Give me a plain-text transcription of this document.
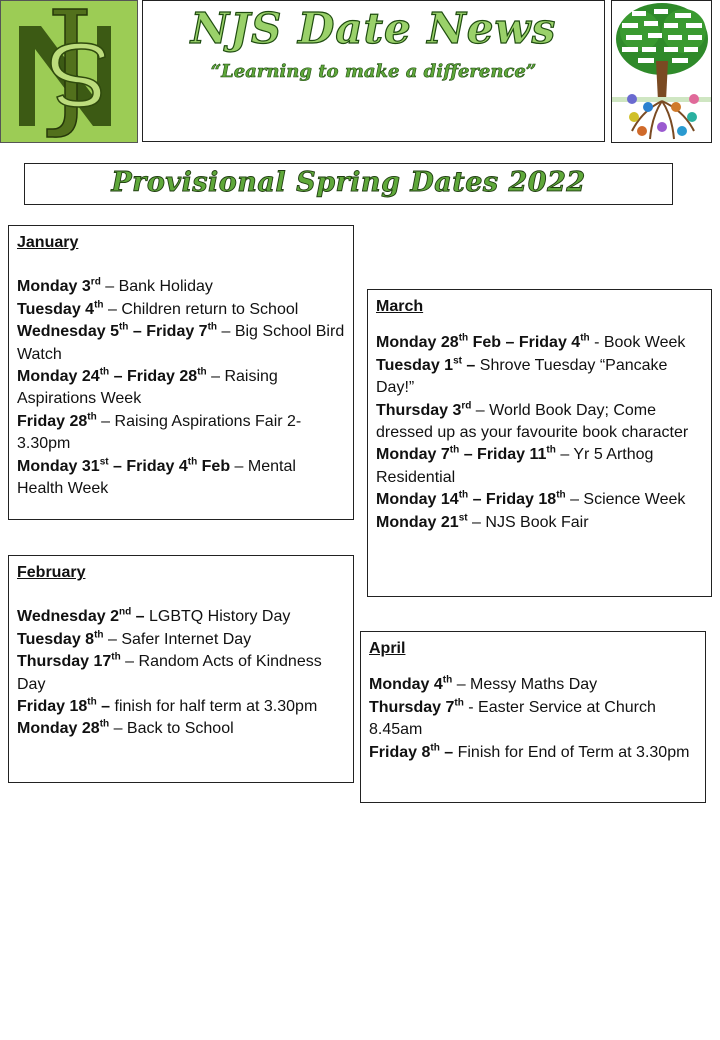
NJS Date News
“Learning to make a difference”
Provisional Spring Dates 2022
January

Monday 3rd – Bank Holiday

Tuesday 4th – Children return to School

Wednesday 5th – Friday 7th – Big School Bird Watch

Monday 24th – Friday 28th – Raising Aspirations Week

Friday 28th – Raising Aspirations Fair 2-3.30pm

Monday 31st – Friday 4th Feb – Mental Health Week

February

Wednesday 2nd – LGBTQ History Day

Tuesday 8th – Safer Internet Day

Thursday 17th – Random Acts of Kindness Day

Friday 18th – finish for half term at 3.30pm

Monday 28th – Back to School

March

Monday 28th Feb – Friday 4th - Book Week

Tuesday 1st – Shrove Tuesday “Pancake Day!”

Thursday 3rd – World Book Day; Come dressed up as your favourite book character

Monday 7th – Friday 11th – Yr 5 Arthog Residential

Monday 14th – Friday 18th – Science Week

Monday 21st – NJS Book Fair

April

Monday 4th – Messy Maths Day

Thursday 7th - Easter Service at Church 8.45am

Friday 8th – Finish for End of Term at 3.30pm
